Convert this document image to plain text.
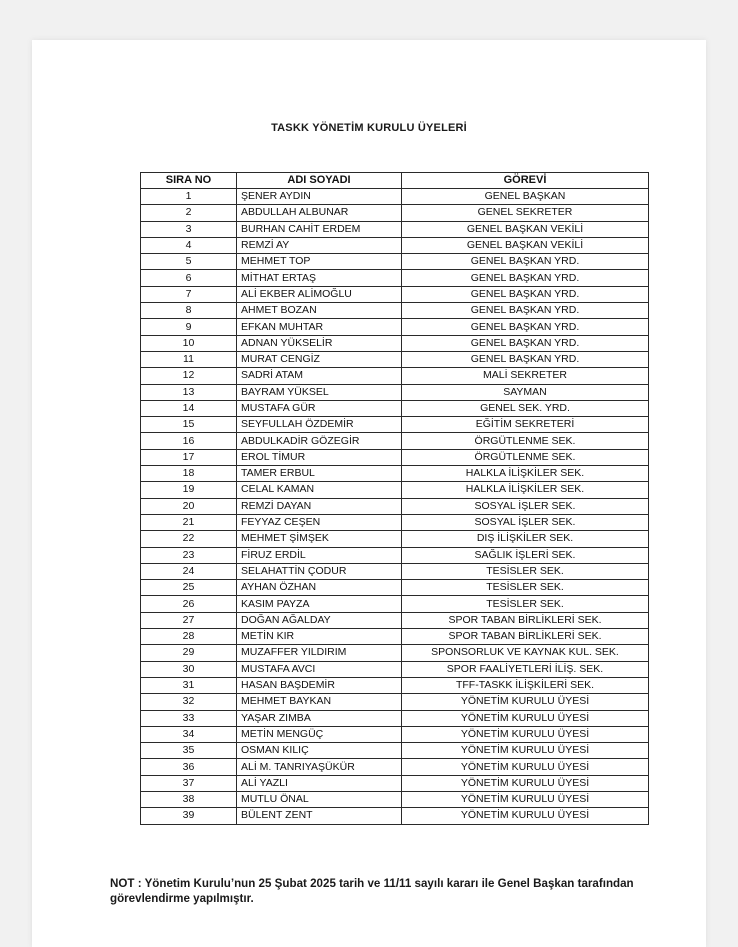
TASKK YÖNETİM KURULU ÜYELERİ
SIRA NO	ADI SOYADI	GÖREVİ
1	ŞENER AYDIN	GENEL BAŞKAN
2	ABDULLAH ALBUNAR	GENEL SEKRETER
3	BURHAN CAHİT ERDEM	GENEL BAŞKAN VEKİLİ
4	REMZİ AY	GENEL BAŞKAN VEKİLİ
5	MEHMET TOP	GENEL BAŞKAN YRD.
6	MİTHAT ERTAŞ	GENEL BAŞKAN YRD.
7	ALİ EKBER ALİMOĞLU	GENEL BAŞKAN YRD.
8	AHMET BOZAN	GENEL BAŞKAN YRD.
9	EFKAN MUHTAR	GENEL BAŞKAN YRD.
10	ADNAN YÜKSELİR	GENEL BAŞKAN YRD.
11	MURAT CENGİZ	GENEL BAŞKAN YRD.
12	SADRİ ATAM	MALİ SEKRETER
13	BAYRAM YÜKSEL	SAYMAN
14	MUSTAFA GÜR	GENEL SEK. YRD.
15	SEYFULLAH ÖZDEMİR	EĞİTİM SEKRETERİ
16	ABDULKADİR GÖZEGİR	ÖRGÜTLENME SEK.
17	EROL TİMUR	ÖRGÜTLENME SEK.
18	TAMER ERBUL	HALKLA İLİŞKİLER SEK.
19	CELAL KAMAN	HALKLA İLİŞKİLER SEK.
20	REMZİ DAYAN	SOSYAL İŞLER SEK.
21	FEYYAZ CEŞEN	SOSYAL İŞLER SEK.
22	MEHMET ŞİMŞEK	DIŞ İLİŞKİLER SEK.
23	FİRUZ ERDİL	SAĞLIK İŞLERİ SEK.
24	SELAHATTİN ÇODUR	TESİSLER SEK.
25	AYHAN ÖZHAN	TESİSLER SEK.
26	KASIM PAYZA	TESİSLER SEK.
27	DOĞAN AĞALDAY	SPOR TABAN BİRLİKLERİ SEK.
28	METİN KIR	SPOR TABAN BİRLİKLERİ SEK.
29	MUZAFFER YILDIRIM	SPONSORLUK VE KAYNAK KUL. SEK.
30	MUSTAFA AVCI	SPOR FAALİYETLERİ İLİŞ. SEK.
31	HASAN BAŞDEMİR	TFF-TASKK İLİŞKİLERİ SEK.
32	MEHMET BAYKAN	YÖNETİM KURULU ÜYESİ
33	YAŞAR ZIMBA	YÖNETİM KURULU ÜYESİ
34	METİN MENGÜÇ	YÖNETİM KURULU ÜYESİ
35	OSMAN KILIÇ	YÖNETİM KURULU ÜYESİ
36	ALİ M. TANRIYAŞÜKÜR	YÖNETİM KURULU ÜYESİ
37	ALİ YAZLI	YÖNETİM KURULU ÜYESİ
38	MUTLU ÖNAL	YÖNETİM KURULU ÜYESİ
39	BÜLENT ZENT	YÖNETİM KURULU ÜYESİ
NOT : Yönetim Kurulu’nun 25 Şubat 2025 tarih ve 11/11 sayılı kararı ile Genel Başkan tarafından görevlendirme yapılmıştır.
